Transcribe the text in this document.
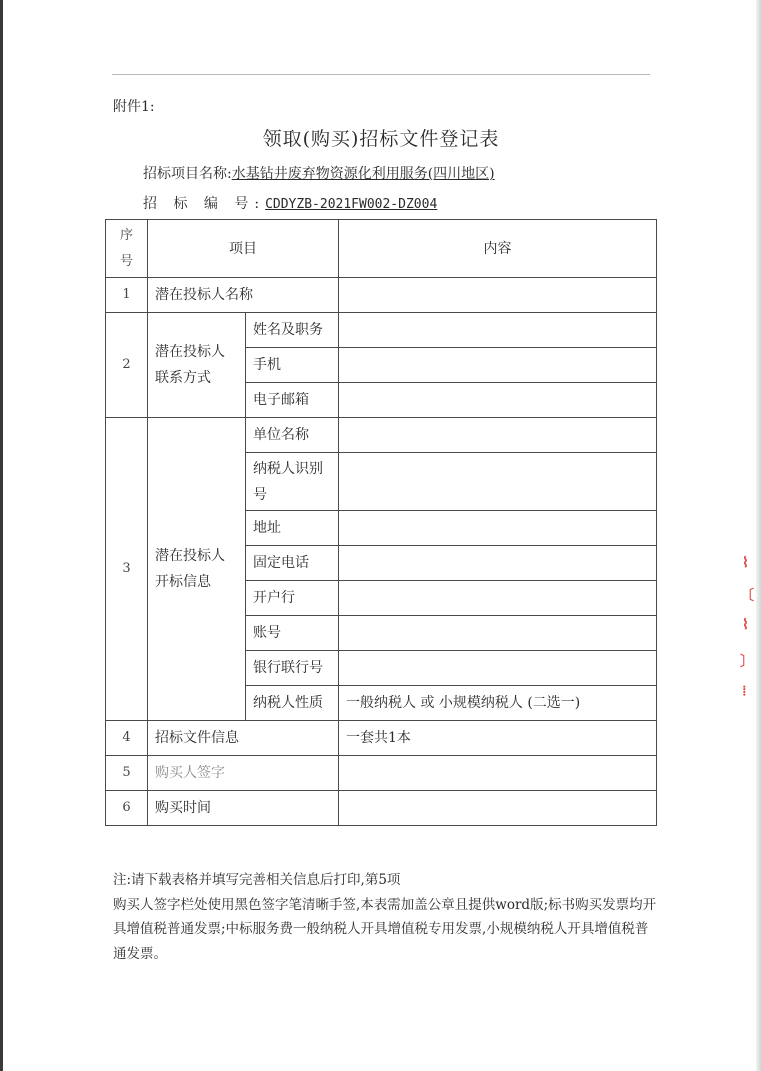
附件1:
领取(购买)招标文件登记表
招标项目名称:水基钻井废弃物资源化利用服务(四川地区)
招 标 编 号:CDDYZB-2021FW002-DZ004
序号	项目		内容
1	潜在投标人名称		
2	潜在投标人联系方式	姓名及职务	
		手机	
		电子邮箱	
3	潜在投标人开标信息	单位名称	
		纳税人识别号	
		地址	
		固定电话	
		开户行	
		账号	
		银行联行号	
		纳税人性质	一般纳税人 或 小规模纳税人 (二选一)
4	招标文件信息		一套共1本
5	购买人签字		
6	购买时间		

注:请下载表格并填写完善相关信息后打印,第5项

购买人签字栏处使用黑色签字笔清晰手签,本表需加盖公章且提供word版;标书购买发票均开具增值税普通发票;中标服务费一般纳税人开具增值税专用发票,小规模纳税人开具增值税普通发票。

⌇
〔
⌇
〕
⁞
